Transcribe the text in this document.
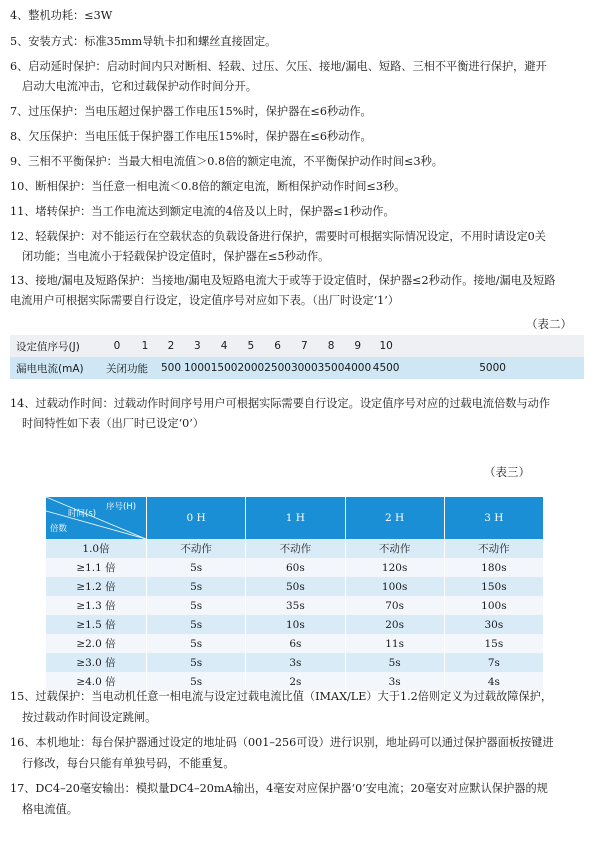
4、整机功耗：≤3W
5、安装方式：标准35mm导轨卡扣和螺丝直接固定。
6、启动延时保护：启动时间内只对断相、轻载、过压、欠压、接地/漏电、短路、三相不平衡进行保护，避开
启动大电流冲击，它和过载保护动作时间分开。
7、过压保护：当电压超过保护器工作电压15%时，保护器在≤6秒动作。
8、欠压保护：当电压低于保护器工作电压15%时，保护器在≤6秒动作。
9、三相不平衡保护：当最大相电流值＞0.8倍的额定电流，不平衡保护动作时间≤3秒。
10、断相保护：当任意一相电流＜0.8倍的额定电流，断相保护动作时间≤3秒。
11、堵转保护：当工作电流达到额定电流的4倍及以上时，保护器≤1秒动作。
12、轻载保护：对不能运行在空载状态的负载设备进行保护，需要时可根据实际情况设定，不用时请设定0关
闭功能；当电流小于轻载保护设定值时，保护器在≤5秒动作。
13、接地/漏电及短路保护：当接地/漏电及短路电流大于或等于设定值时，保护器≤2秒动作。接地/漏电及短路
电流用户可根据实际需要自行设定，设定值序号对应如下表。（出厂时设定‘1’）
（表二）
设定值序号(J)	0	1	2	3	4	5	6	7	8	9	10				
漏电电流(mA)	关闭功能		500	1000	1500	2000	2500	3000	3500	4000	4500	5000			
14、过载动作时间：过载动作时间序号用户可根据实际需要自行设定。设定值序号对应的过载电流倍数与动作
时间特性如下表（出厂时已设定‘0’）
（表三）
序号(H)
时间(s)
倍数	0 H	1 H	2 H	3 H
1.0倍	不动作	不动作	不动作	不动作
≥1.1 倍	5s	60s	120s	180s
≥1.2 倍	5s	50s	100s	150s
≥1.3 倍	5s	35s	70s	100s
≥1.5 倍	5s	10s	20s	30s
≥2.0 倍	5s	6s	11s	15s
≥3.0 倍	5s	3s	5s	7s
≥4.0 倍	5s	2s	3s	4s
15、过载保护：当电动机任意一相电流与设定过载电流比值（IMAX/LE）大于1.2倍则定义为过载故障保护，
按过载动作时间设定跳闸。
16、本机地址：每台保护器通过设定的地址码（001–256可设）进行识别，地址码可以通过保护器面板按键进
行修改，每台只能有单独号码，不能重复。
17、DC4–20毫安输出：模拟量DC4–20mA输出，4毫安对应保护器‘0’安电流；20毫安对应默认保护器的规
格电流值。
